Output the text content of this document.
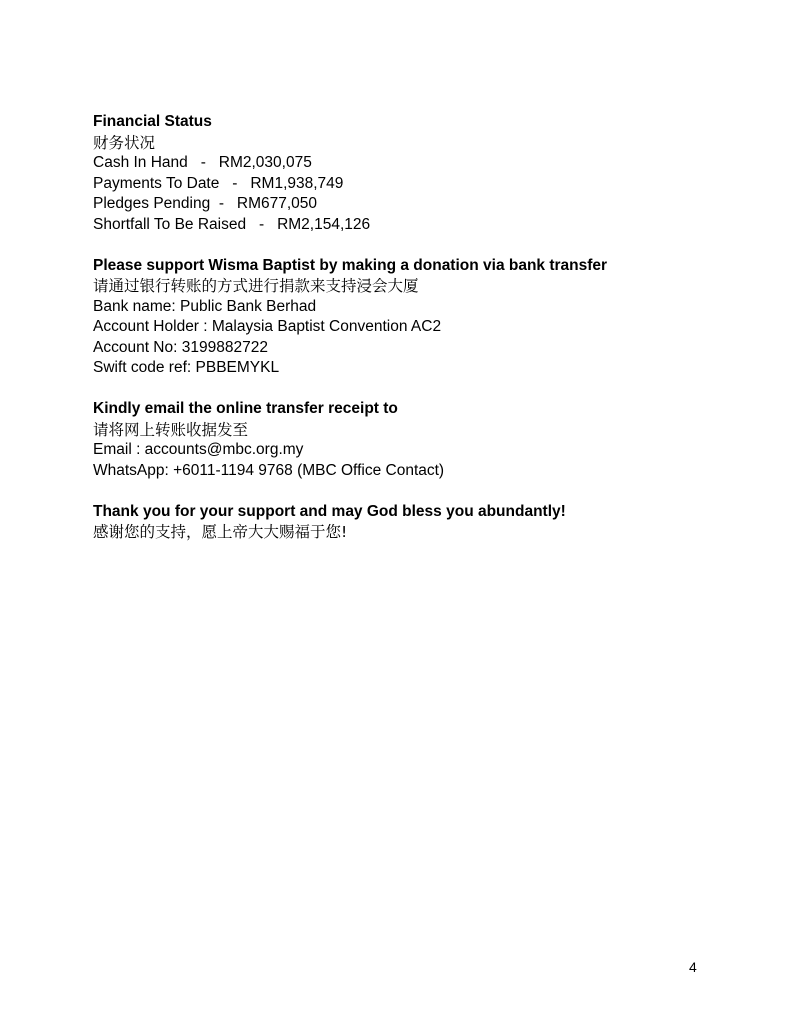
Financial Status
财务状况
Cash In Hand   -   RM2,030,075
Payments To Date   -   RM1,938,749
Pledges Pending  -   RM677,050
Shortfall To Be Raised   -   RM2,154,126
Please support Wisma Baptist by making a donation via bank transfer
请通过银行转账的方式进行捐款来支持浸会大厦
Bank name: Public Bank Berhad
Account Holder : Malaysia Baptist Convention AC2
Account No: 3199882722
Swift code ref: PBBEMYKL
Kindly email the online transfer receipt to
请将网上转账收据发至
Email : accounts@mbc.org.my
WhatsApp: +6011-1194 9768 (MBC Office Contact)
Thank you for your support and may God bless you abundantly!
感谢您的支持，愿上帝大大赐福于您!
4
